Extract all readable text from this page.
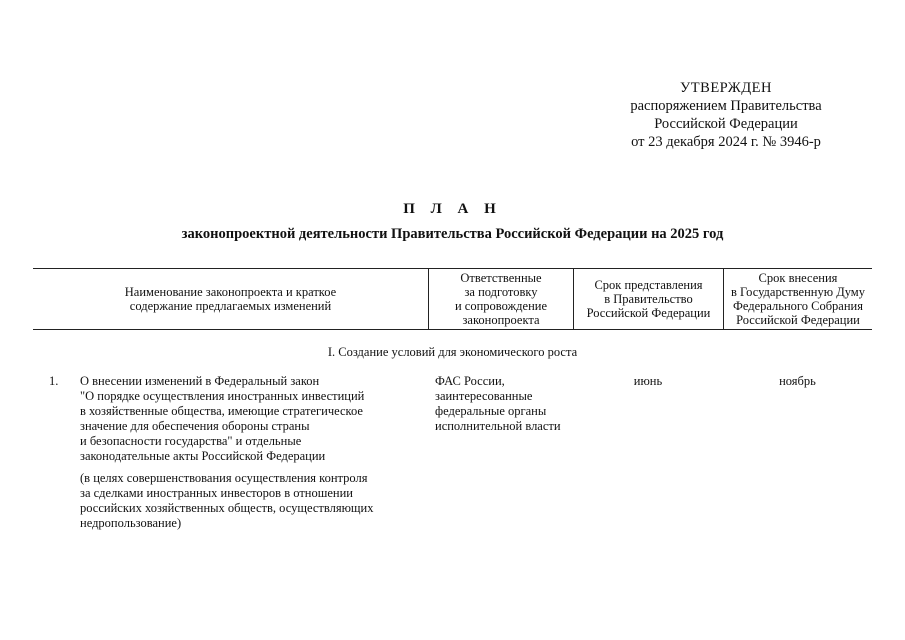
УТВЕРЖДЕН
распоряжением Правительства
Российской Федерации
от 23 декабря 2024 г. № 3946-р
П Л А Н
законопроектной деятельности Правительства Российской Федерации на 2025 год
Наименование законопроекта и краткое
содержание предлагаемых изменений
Ответственные
за подготовку
и сопровождение
законопроекта
Срок представления
в Правительство
Российской Федерации
Срок внесения
в Государственную Думу
Федерального Собрания
Российской Федерации
I. Создание условий для экономического роста
1. О внесении изменений в Федеральный закон
"О порядке осуществления иностранных инвестиций
в хозяйственные общества, имеющие стратегическое
значение для обеспечения обороны страны
и безопасности государства" и отдельные
законодательные акты Российской Федерации
(в целях совершенствования осуществления контроля
за сделками иностранных инвесторов в отношении
российских хозяйственных обществ, осуществляющих
недропользование)
ФАС России,
заинтересованные
федеральные органы
исполнительной власти
июнь	ноябрь
